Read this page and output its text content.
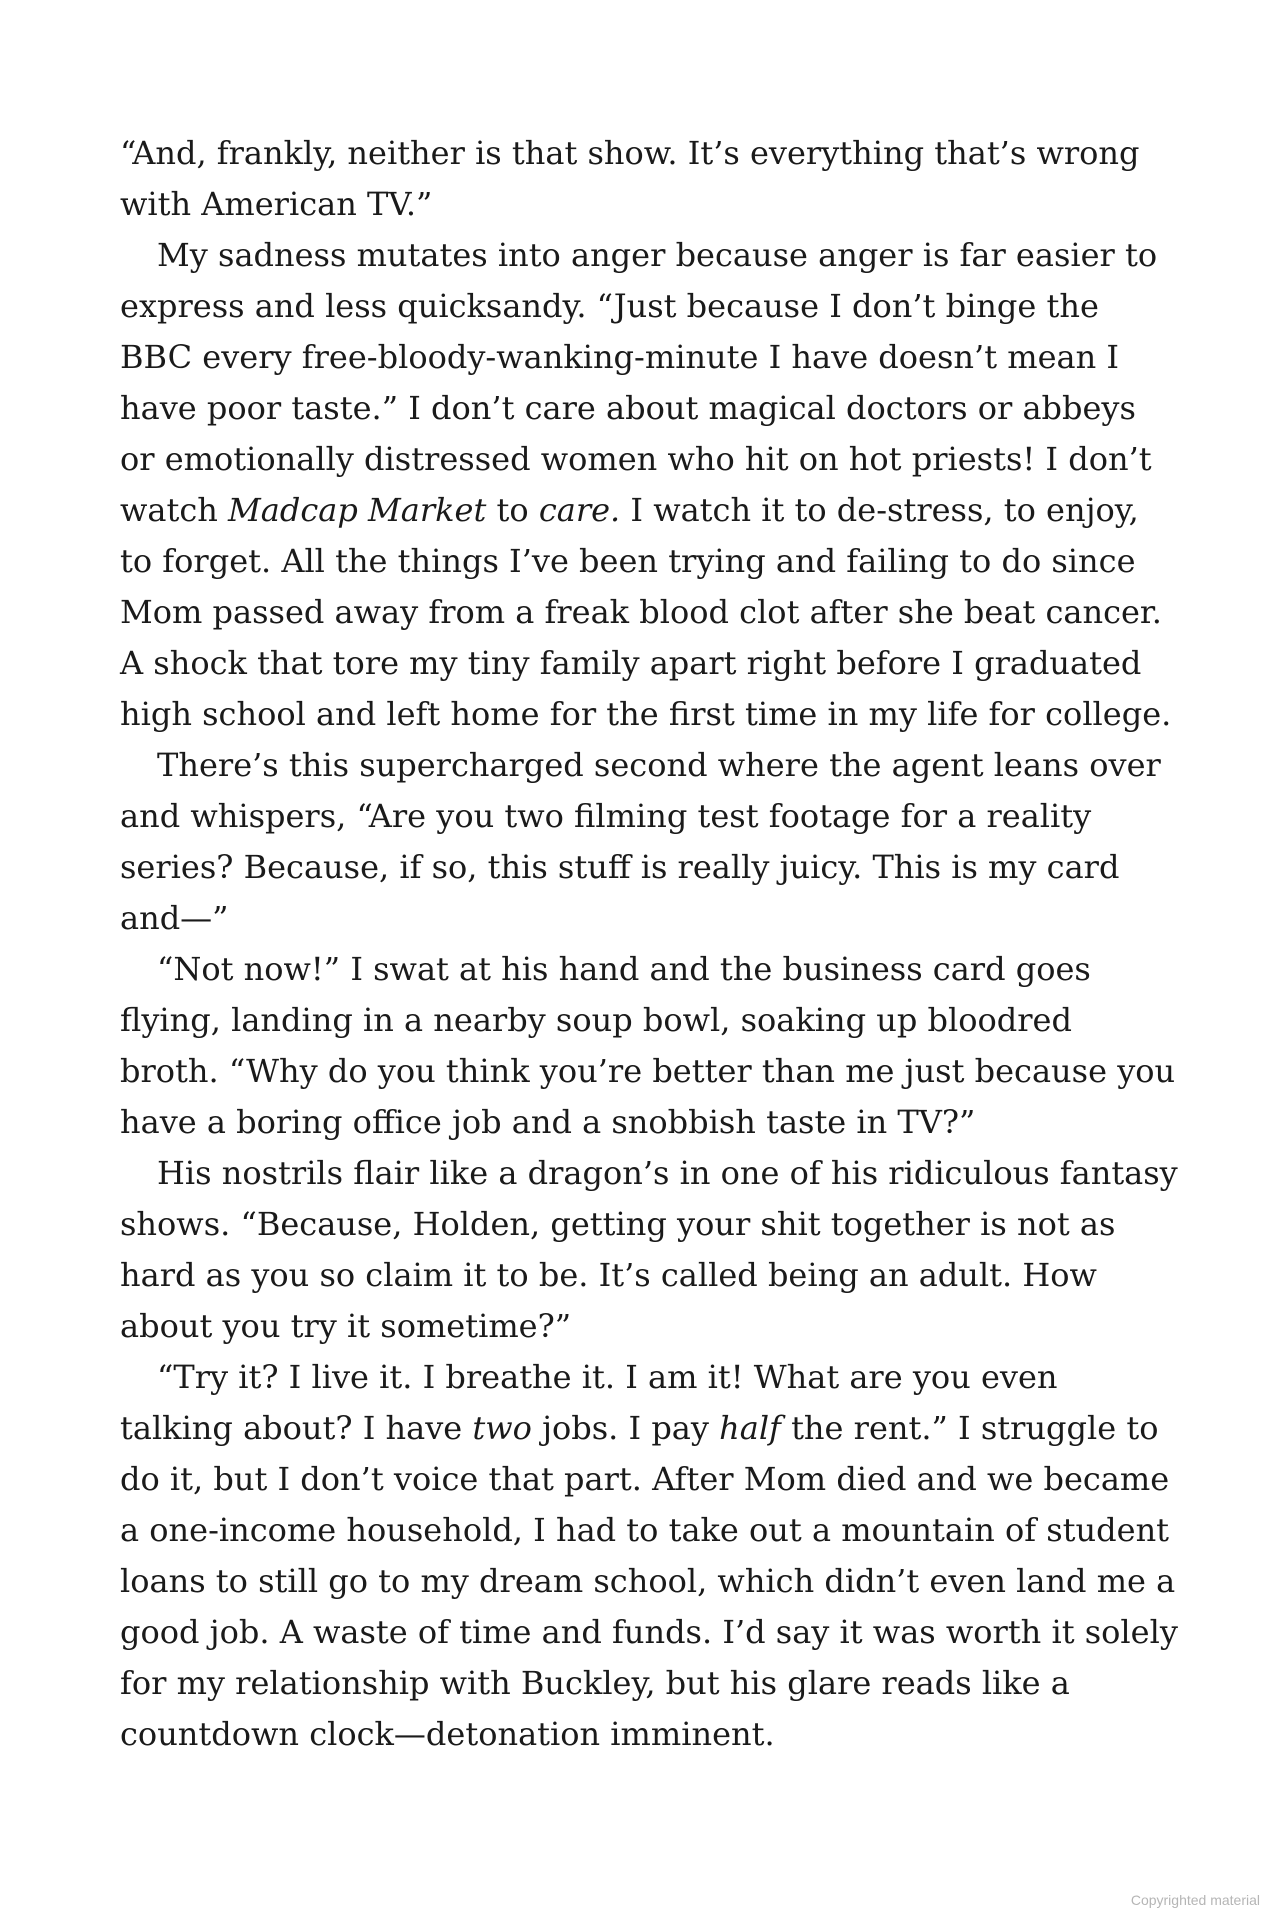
“And, frankly, neither is that show. It’s everything that’s wrong with American TV.”

My sadness mutates into anger because anger is far easier to express and less quicksandy. “Just because I don’t binge the BBC every free-bloody-wanking-minute I have doesn’t mean I have poor taste.” I don’t care about magical doctors or abbeys or emotionally distressed women who hit on hot priests! I don’t watch Madcap Market to care. I watch it to de-stress, to enjoy, to forget. All the things I’ve been trying and failing to do since Mom passed away from a freak blood clot after she beat cancer. A shock that tore my tiny family apart right before I graduated high school and left home for the first time in my life for college.

There’s this supercharged second where the agent leans over and whispers, “Are you two filming test footage for a reality series? Because, if so, this stuff is really juicy. This is my card and—”

“Not now!” I swat at his hand and the business card goes flying, landing in a nearby soup bowl, soaking up bloodred broth. “Why do you think you’re better than me just because you have a boring office job and a snobbish taste in TV?”

His nostrils flair like a dragon’s in one of his ridiculous fantasy shows. “Because, Holden, getting your shit together is not as hard as you so claim it to be. It’s called being an adult. How about you try it sometime?”

“Try it? I live it. I breathe it. I am it! What are you even talking about? I have two jobs. I pay half the rent.” I struggle to do it, but I don’t voice that part. After Mom died and we became a one-income household, I had to take out a mountain of student loans to still go to my dream school, which didn’t even land me a good job. A waste of time and funds. I’d say it was worth it solely for my relationship with Buckley, but his glare reads like a countdown clock—detonation imminent.

Copyrighted material
